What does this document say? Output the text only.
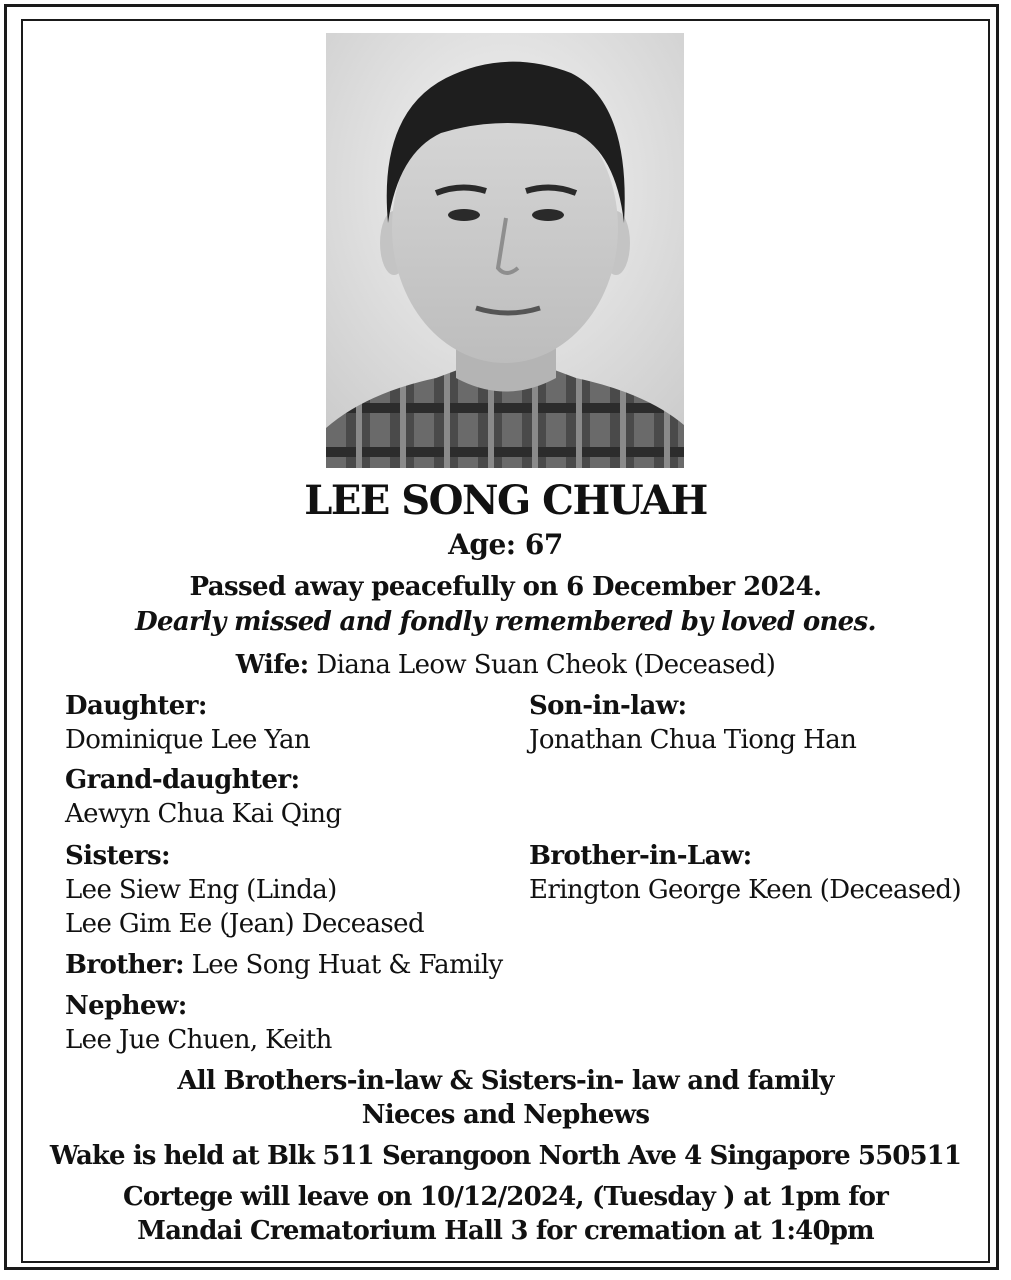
LEE SONG CHUAH
Age: 67
Passed away peacefully on 6 December 2024.
Dearly missed and fondly remembered by loved ones.
Wife: Diana Leow Suan Cheok (Deceased)
Daughter:
Dominique Lee Yan
Son-in-law:
Jonathan Chua Tiong Han
Grand-daughter:
Aewyn Chua Kai Qing
Sisters:
Lee Siew Eng (Linda)
Lee Gim Ee (Jean) Deceased
Brother-in-Law:
Erington George Keen (Deceased)
Brother: Lee Song Huat & Family
Nephew:
Lee Jue Chuen, Keith
All Brothers-in-law & Sisters-in- law and family
Nieces and Nephews
Wake is held at Blk 511 Serangoon North Ave 4 Singapore 550511
Cortege will leave on 10/12/2024, (Tuesday ) at 1pm for
Mandai Crematorium Hall 3 for cremation at 1:40pm
